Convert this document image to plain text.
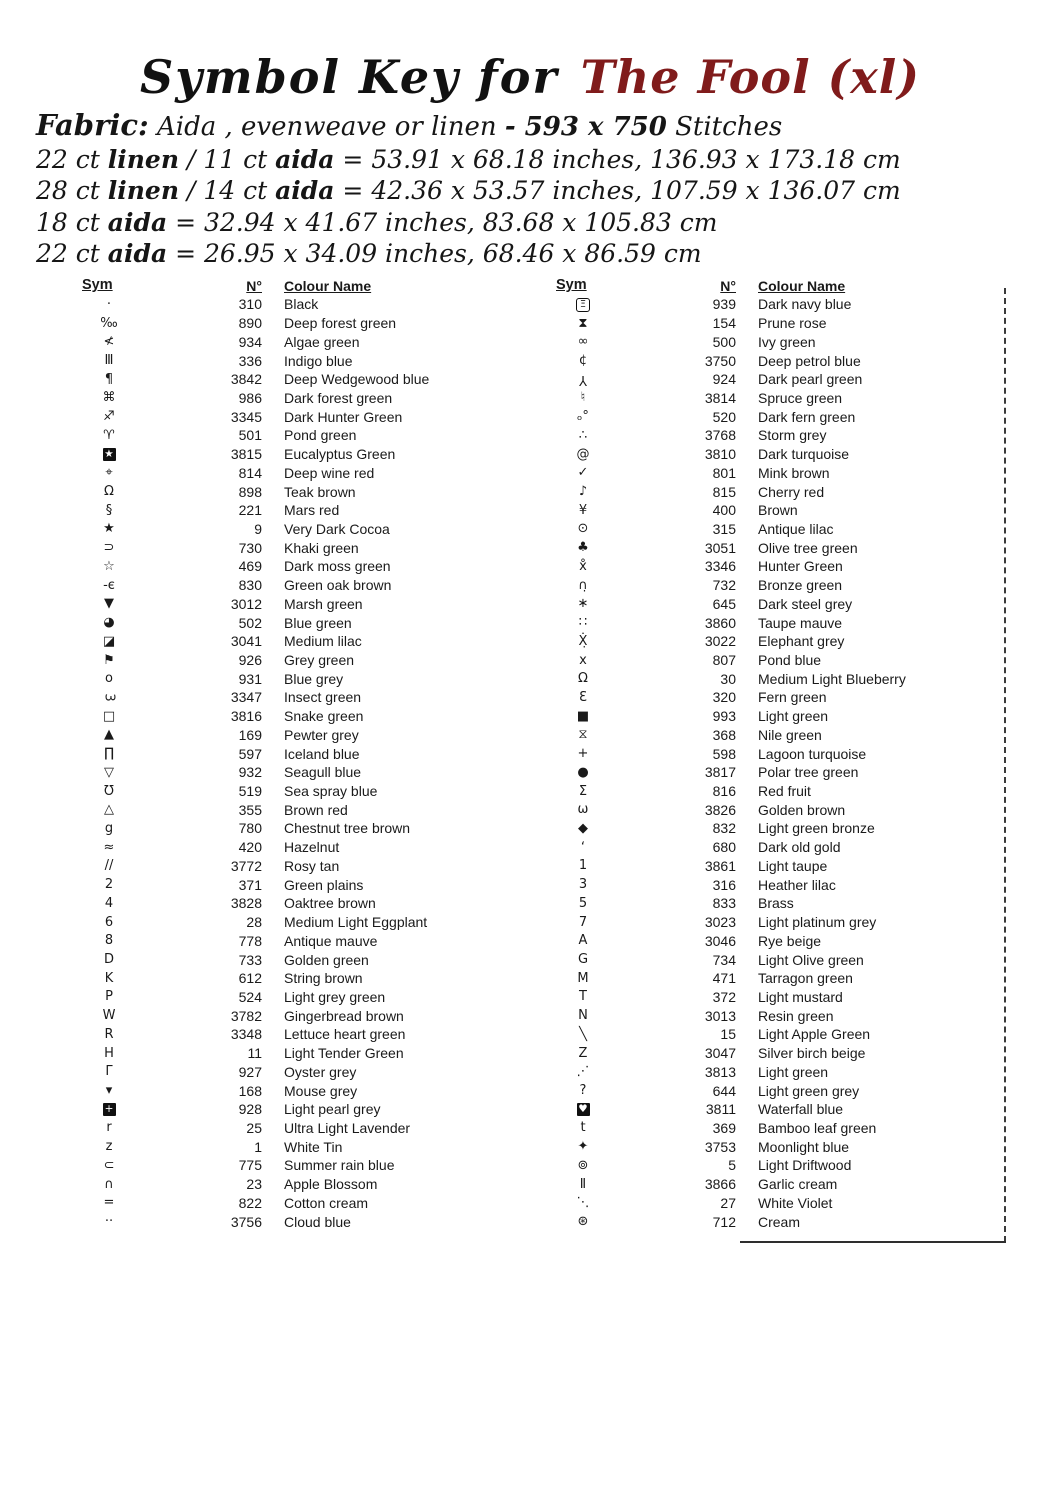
Symbol Key for The Fool (xl)
Fabric: Aida , evenweave or linen - 593 x 750 Stitches
22 ct linen / 11 ct aida = 53.91 x 68.18 inches, 136.93 x 173.18 cm
28 ct linen / 14 ct aida = 42.36 x 53.57 inches, 107.59 x 136.07 cm
18 ct aida = 32.94 x 41.67 inches, 83.68 x 105.83 cm
22 ct aida = 26.95 x 34.09 inches, 68.46 x 86.59 cm
Sym	N°	Colour Name
·	310	Black
‰	890	Deep forest green
≮	934	Algae green
Ⅲ	336	Indigo blue
¶	3842	Deep Wedgewood blue
⌘	986	Dark forest green
♐	3345	Dark Hunter Green
♈	501	Pond green
★	3815	Eucalyptus Green
⌖	814	Deep wine red
Ω	898	Teak brown
§	221	Mars red
★	9	Very Dark Cocoa
⊃	730	Khaki green
☆	469	Dark moss green
-є	830	Green oak brown
▼	3012	Marsh green
◕	502	Blue green
◪	3041	Medium lilac
⚑	926	Grey green
o	931	Blue grey
3	3347	Insect green
□	3816	Snake green
▲	169	Pewter grey
∏	597	Iceland blue
▽	932	Seagull blue
Ʊ	519	Sea spray blue
△	355	Brown red
g	780	Chestnut tree brown
≈	420	Hazelnut
//	3772	Rosy tan
2	371	Green plains
4	3828	Oaktree brown
6	28	Medium Light Eggplant
8	778	Antique mauve
D	733	Golden green
K	612	String brown
P	524	Light grey green
W	3782	Gingerbread brown
R	3348	Lettuce heart green
H	11	Light Tender Green
Γ	927	Oyster grey
▾	168	Mouse grey
+	928	Light pearl grey
r	25	Ultra Light Lavender
z	1	White Tin
⊂	775	Summer rain blue
∩	23	Apple Blossom
=	822	Cotton cream
··	3756	Cloud blue
Sym	N°	Colour Name
Ξ	939	Dark navy blue
⧗	154	Prune rose
∞	500	Ivy green
¢	3750	Deep petrol blue
Y	924	Dark pearl green
♮	3814	Spruce green
ₒ°	520	Dark fern green
∴	3768	Storm grey
@	3810	Dark turquoise
✓	801	Mink brown
♪	815	Cherry red
¥	400	Brown
⊙	315	Antique lilac
♣	3051	Olive tree green
x̊	3346	Hunter Green
∩̣	732	Bronze green
∗	645	Dark steel grey
∷	3860	Taupe mauve
Ẋ̣	3022	Elephant grey
x	807	Pond blue
Ω	30	Medium Light Blueberry
Ɛ	320	Fern green
■	993	Light green
⧖	368	Nile green
+	598	Lagoon turquoise
●	3817	Polar tree green
Σ	816	Red fruit
ω	3826	Golden brown
◆	832	Light green bronze
ʻ	680	Dark old gold
1	3861	Light taupe
3	316	Heather lilac
5	833	Brass
7	3023	Light platinum grey
A	3046	Rye beige
G	734	Light Olive green
M	471	Tarragon green
T	372	Light mustard
N	3013	Resin green
╲	15	Light Apple Green
Z	3047	Silver birch beige
⋰	3813	Light green
?	644	Light green grey
♥	3811	Waterfall blue
t	369	Bamboo leaf green
✦	3753	Moonlight blue
⊚	5	Light Driftwood
Ⅱ	3866	Garlic cream
⋱	27	White Violet
⊛	712	Cream
